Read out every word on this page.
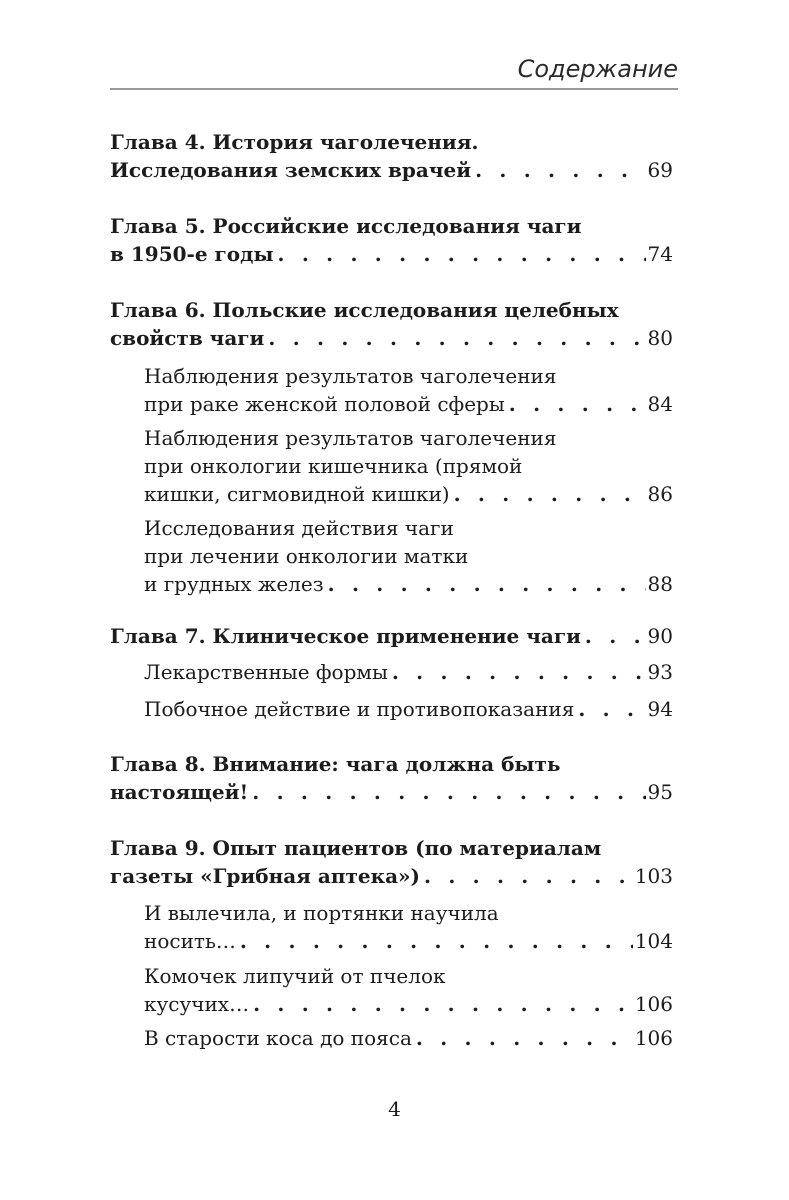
Содержание
Глава 4. История чаголечения.
Исследования земских врачей . . .	69
Глава 5. Российские исследования чаги
в 1950-е годы . . .	74
Глава 6. Польские исследования целебных
свойств чаги . . .	80
Наблюдения результатов чаголечения
при раке женской половой сферы . . .	84
Наблюдения результатов чаголечения
при онкологии кишечника (прямой
кишки, сигмовидной кишки) . . .	86
Исследования действия чаги
при лечении онкологии матки
и грудных желез . . .	88
Глава 7. Клиническое применение чаги . . .	90
Лекарственные формы . . .	93
Побочное действие и противопоказания . . .	94
Глава 8. Внимание: чага должна быть
настоящей! . . .	95
Глава 9. Опыт пациентов (по материалам
газеты «Грибная аптека») . . .	103
И вылечила, и портянки научила
носить… . . .	104
Комочек липучий от пчелок
кусучих… . . .	106
В старости коса до пояса . . .	106
4
